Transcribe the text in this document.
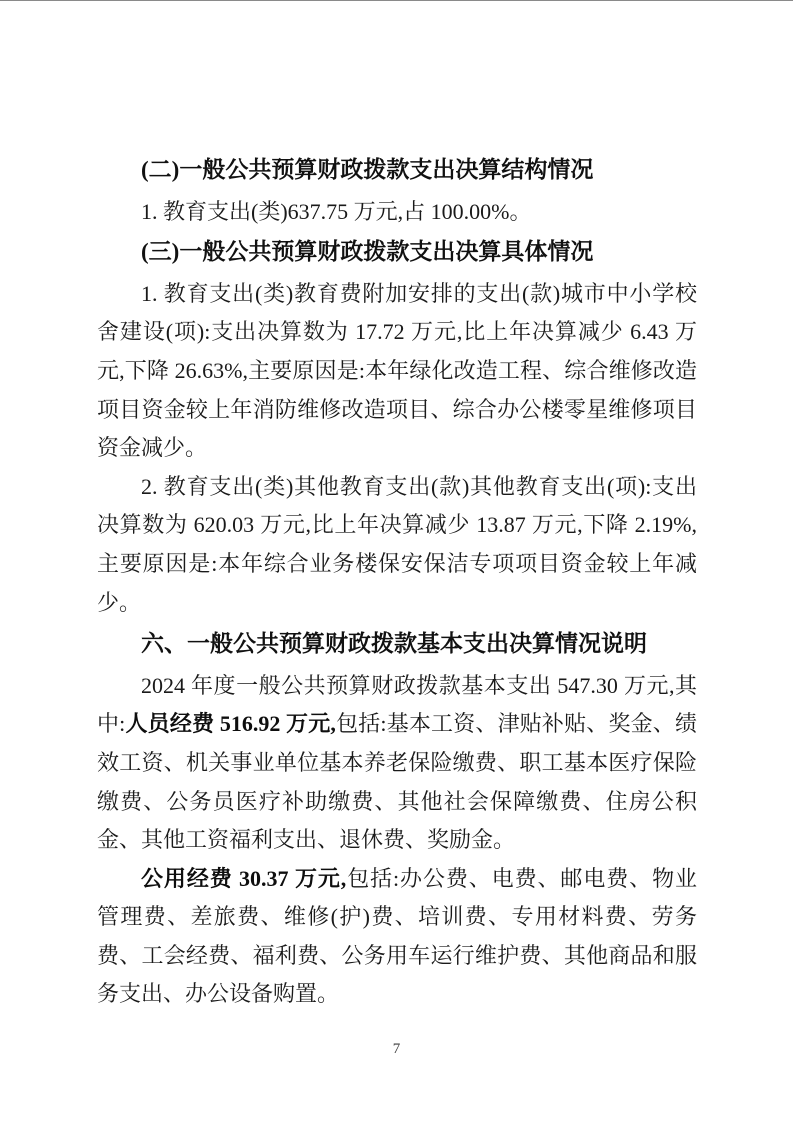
(二)一般公共预算财政拨款支出决算结构情况

1. 教育支出(类)637.75 万元,占 100.00%。

(三)一般公共预算财政拨款支出决算具体情况

1. 教育支出(类)教育费附加安排的支出(款)城市中小学校舍建设(项):支出决算数为 17.72 万元,比上年决算减少 6.43 万元,下降 26.63%,主要原因是:本年绿化改造工程、综合维修改造项目资金较上年消防维修改造项目、综合办公楼零星维修项目资金减少。

2. 教育支出(类)其他教育支出(款)其他教育支出(项):支出决算数为 620.03 万元,比上年决算减少 13.87 万元,下降 2.19%,主要原因是:本年综合业务楼保安保洁专项项目资金较上年减少。

六、一般公共预算财政拨款基本支出决算情况说明

2024 年度一般公共预算财政拨款基本支出 547.30 万元,其中:人员经费 516.92 万元,包括:基本工资、津贴补贴、奖金、绩效工资、机关事业单位基本养老保险缴费、职工基本医疗保险缴费、公务员医疗补助缴费、其他社会保障缴费、住房公积金、其他工资福利支出、退休费、奖励金。

公用经费 30.37 万元,包括:办公费、电费、邮电费、物业管理费、差旅费、维修(护)费、培训费、专用材料费、劳务费、工会经费、福利费、公务用车运行维护费、其他商品和服务支出、办公设备购置。

7
